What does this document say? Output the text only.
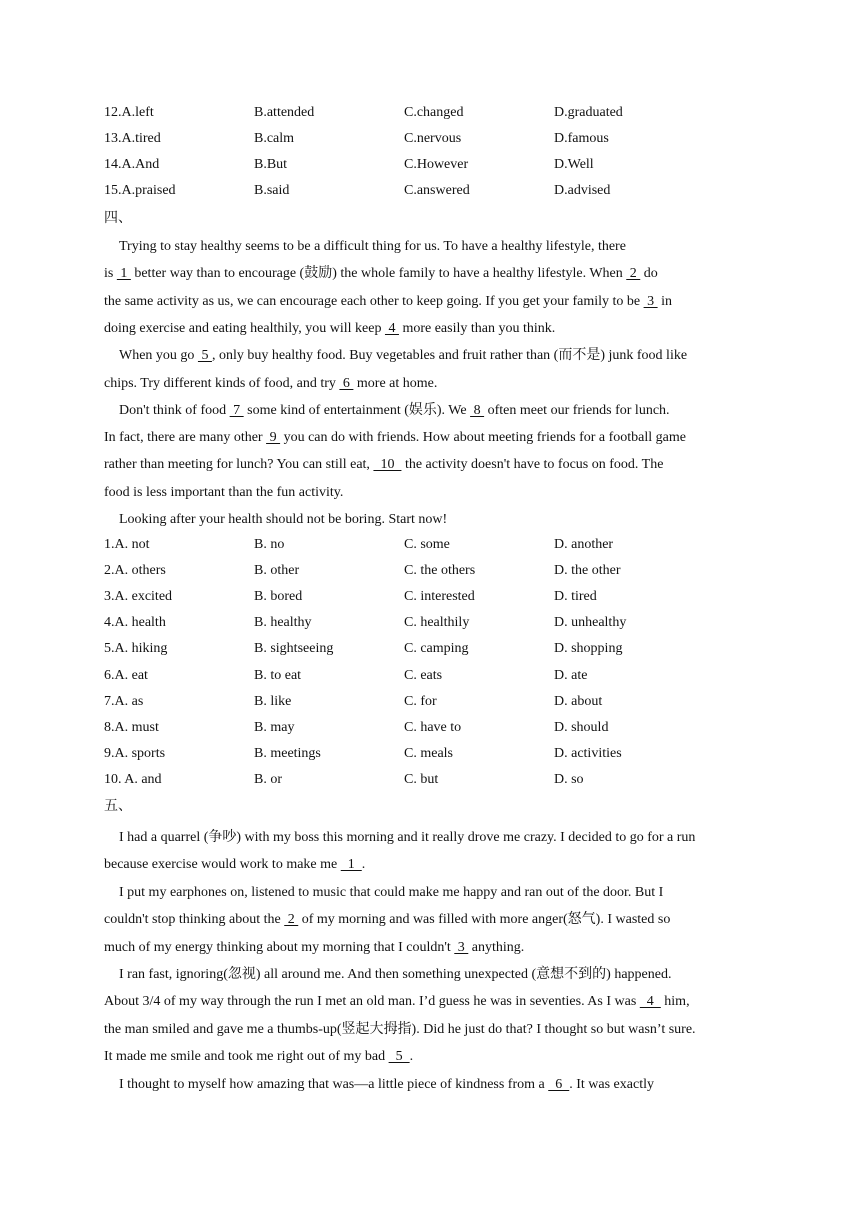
12.A.left	B.attended	C.changed	D.graduated
13.A.tired	B.calm	C.nervous	D.famous
14.A.And	B.But	C.However	D.Well
15.A.praised	B.said	C.answered	D.advised
四、
Trying to stay healthy seems to be a difficult thing for us. To have a healthy lifestyle, there
is  1  better way than to encourage (鼓励) the whole family to have a healthy lifestyle. When  2  do
the same activity as us, we can encourage each other to keep going. If you get your family to be  3  in
doing exercise and eating healthily, you will keep  4  more easily than you think.
When you go  5 , only buy healthy food. Buy vegetables and fruit rather than (而不是) junk food like
chips. Try different kinds of food, and try  6  more at home.
Don't think of food  7  some kind of entertainment (娱乐). We  8  often meet our friends for lunch.
In fact, there are many other  9  you can do with friends. How about meeting friends for a football game
rather than meeting for lunch? You can still eat,   10   the activity doesn't have to focus on food. The
food is less important than the fun activity.
Looking after your health should not be boring. Start now!
1.A. not	B. no	C. some	D. another
2.A. others	B. other	C. the others	D. the other
3.A. excited	B. bored	C. interested	D. tired
4.A. health	B. healthy	C. healthily	D. unhealthy
5.A. hiking	B. sightseeing	C. camping	D. shopping
6.A. eat	B. to eat	C. eats	D. ate
7.A. as	B. like	C. for	D. about
8.A. must	B. may	C. have to	D. should
9.A. sports	B. meetings	C. meals	D. activities
10. A. and	B. or	C. but	D. so
五、
I had a quarrel (争吵) with my boss this morning and it really drove me crazy. I decided to go for a run
because exercise would work to make me   1  .
I put my earphones on, listened to music that could make me happy and ran out of the door. But I
couldn't stop thinking about the  2  of my morning and was filled with more anger(怒气). I wasted so
much of my energy thinking about my morning that I couldn't  3  anything.
I ran fast, ignoring(忽视) all around me. And then something unexpected (意想不到的) happened.
About 3/4 of my way through the run I met an old man. I’d guess he was in seventies. As I was   4   him,
the man smiled and gave me a thumbs-up(竖起大拇指). Did he just do that? I thought so but wasn’t sure.
It made me smile and took me right out of my bad   5  .
I thought to myself how amazing that was—a little piece of kindness from a   6  . It was exactly
